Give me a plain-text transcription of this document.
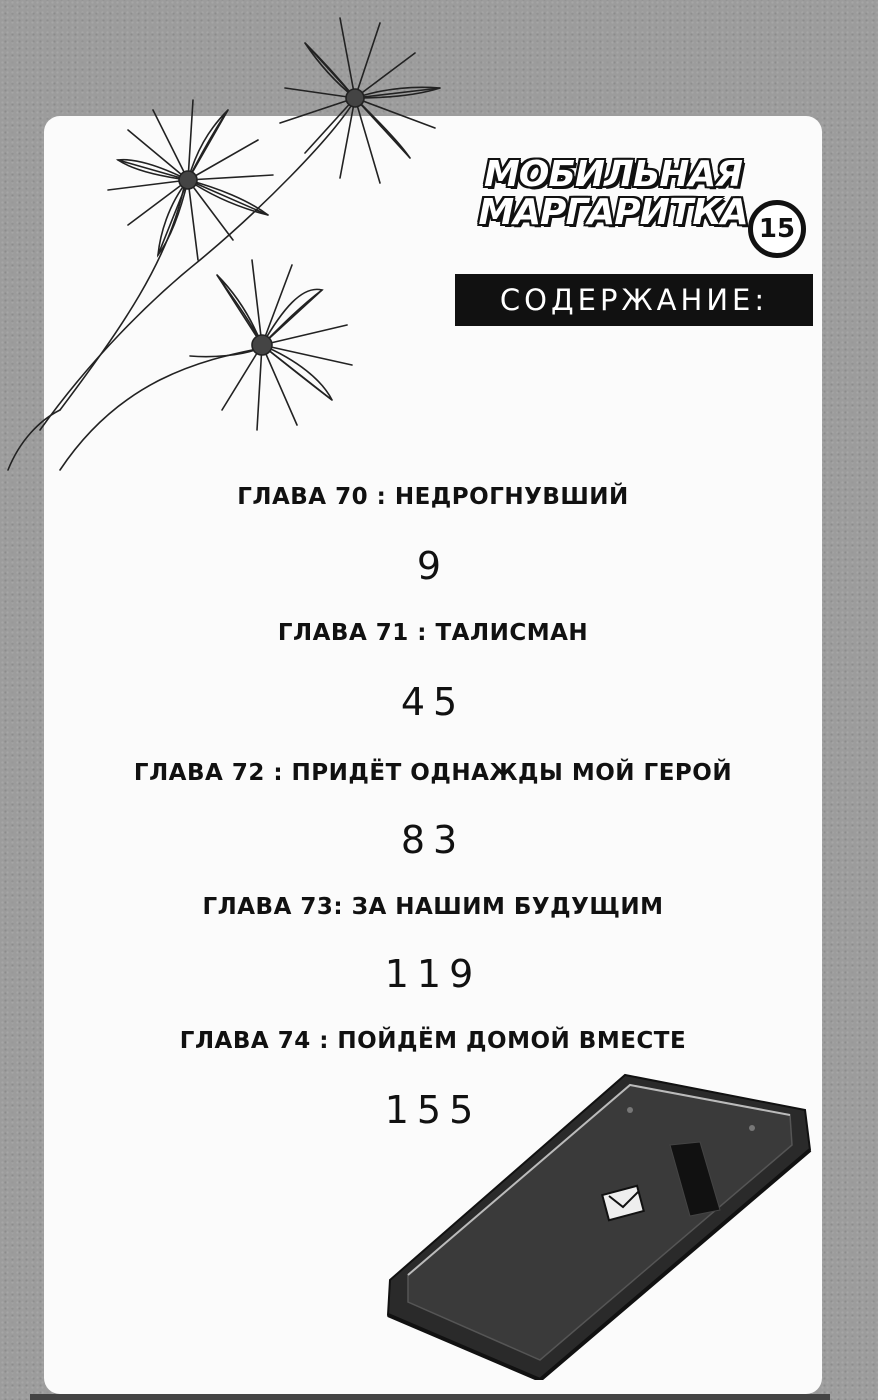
МОБИЛЬНАЯ
МАРГАРИТКА 15
СОДЕРЖАНИЕ:
ГЛАВА 70 : НЕДРОГНУВШИЙ
9
ГЛАВА 71 : ТАЛИСМАН
45
ГЛАВА 72 : ПРИДЁТ ОДНАЖДЫ МОЙ ГЕРОЙ
83
ГЛАВА 73: ЗА НАШИМ БУДУЩИМ
119
ГЛАВА 74 : ПОЙДЁМ ДОМОЙ ВМЕСТЕ
155
